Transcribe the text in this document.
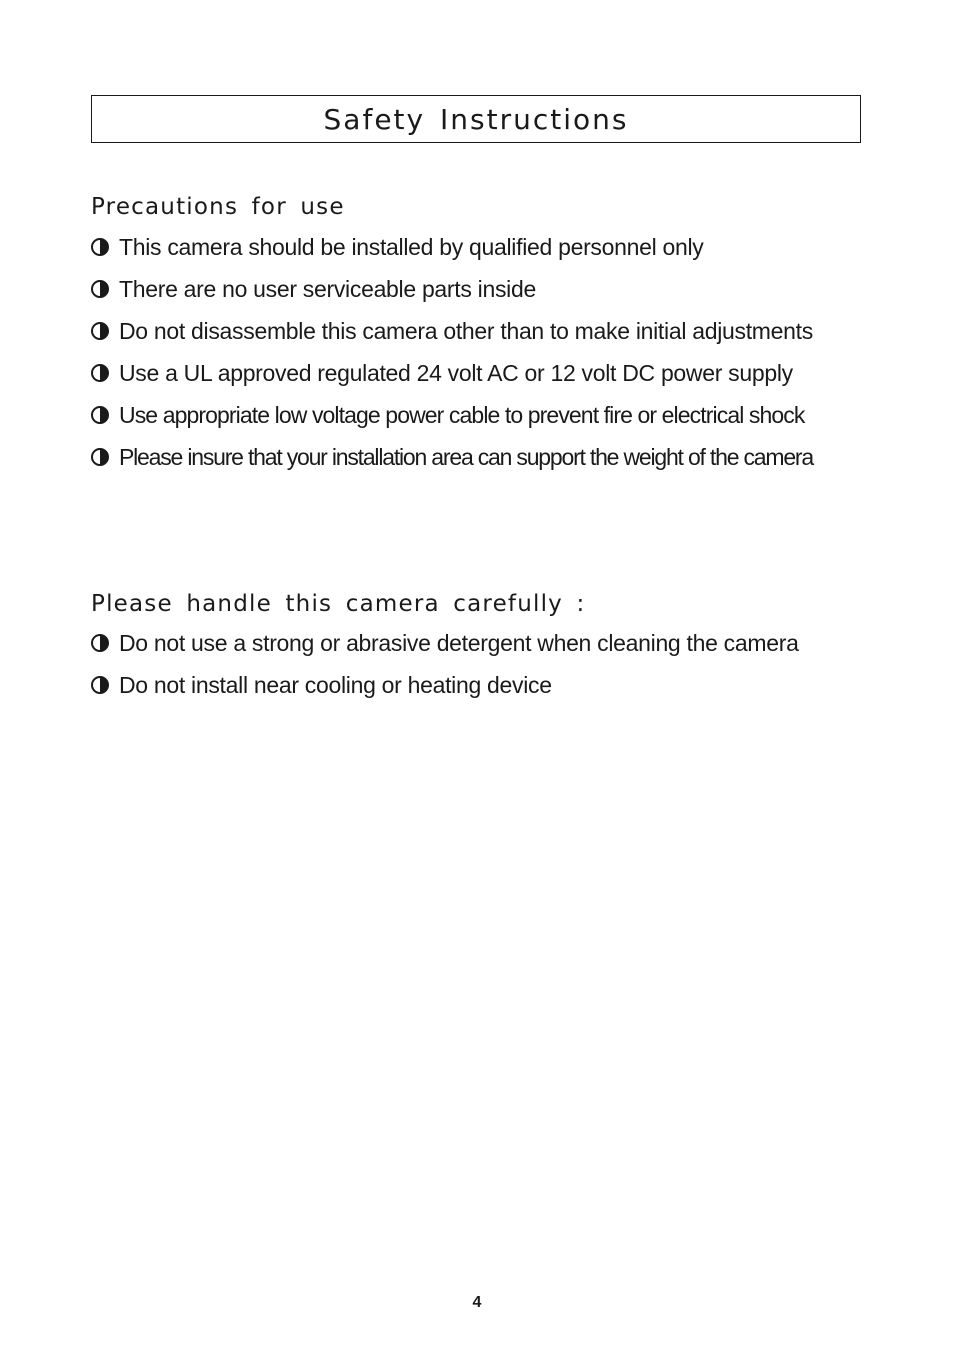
Safety Instructions
Precautions for use
This camera should be installed by qualified personnel only
There are no user serviceable parts inside
Do not disassemble this camera other than to make initial adjustments
Use a UL approved regulated 24 volt AC or 12 volt DC power supply
Use appropriate low voltage power cable to prevent fire or electrical shock
Please insure that your installation area can support the weight of the camera
Please handle this camera carefully :
Do not use a strong or abrasive detergent when cleaning the camera
Do not install near cooling or heating device
4
